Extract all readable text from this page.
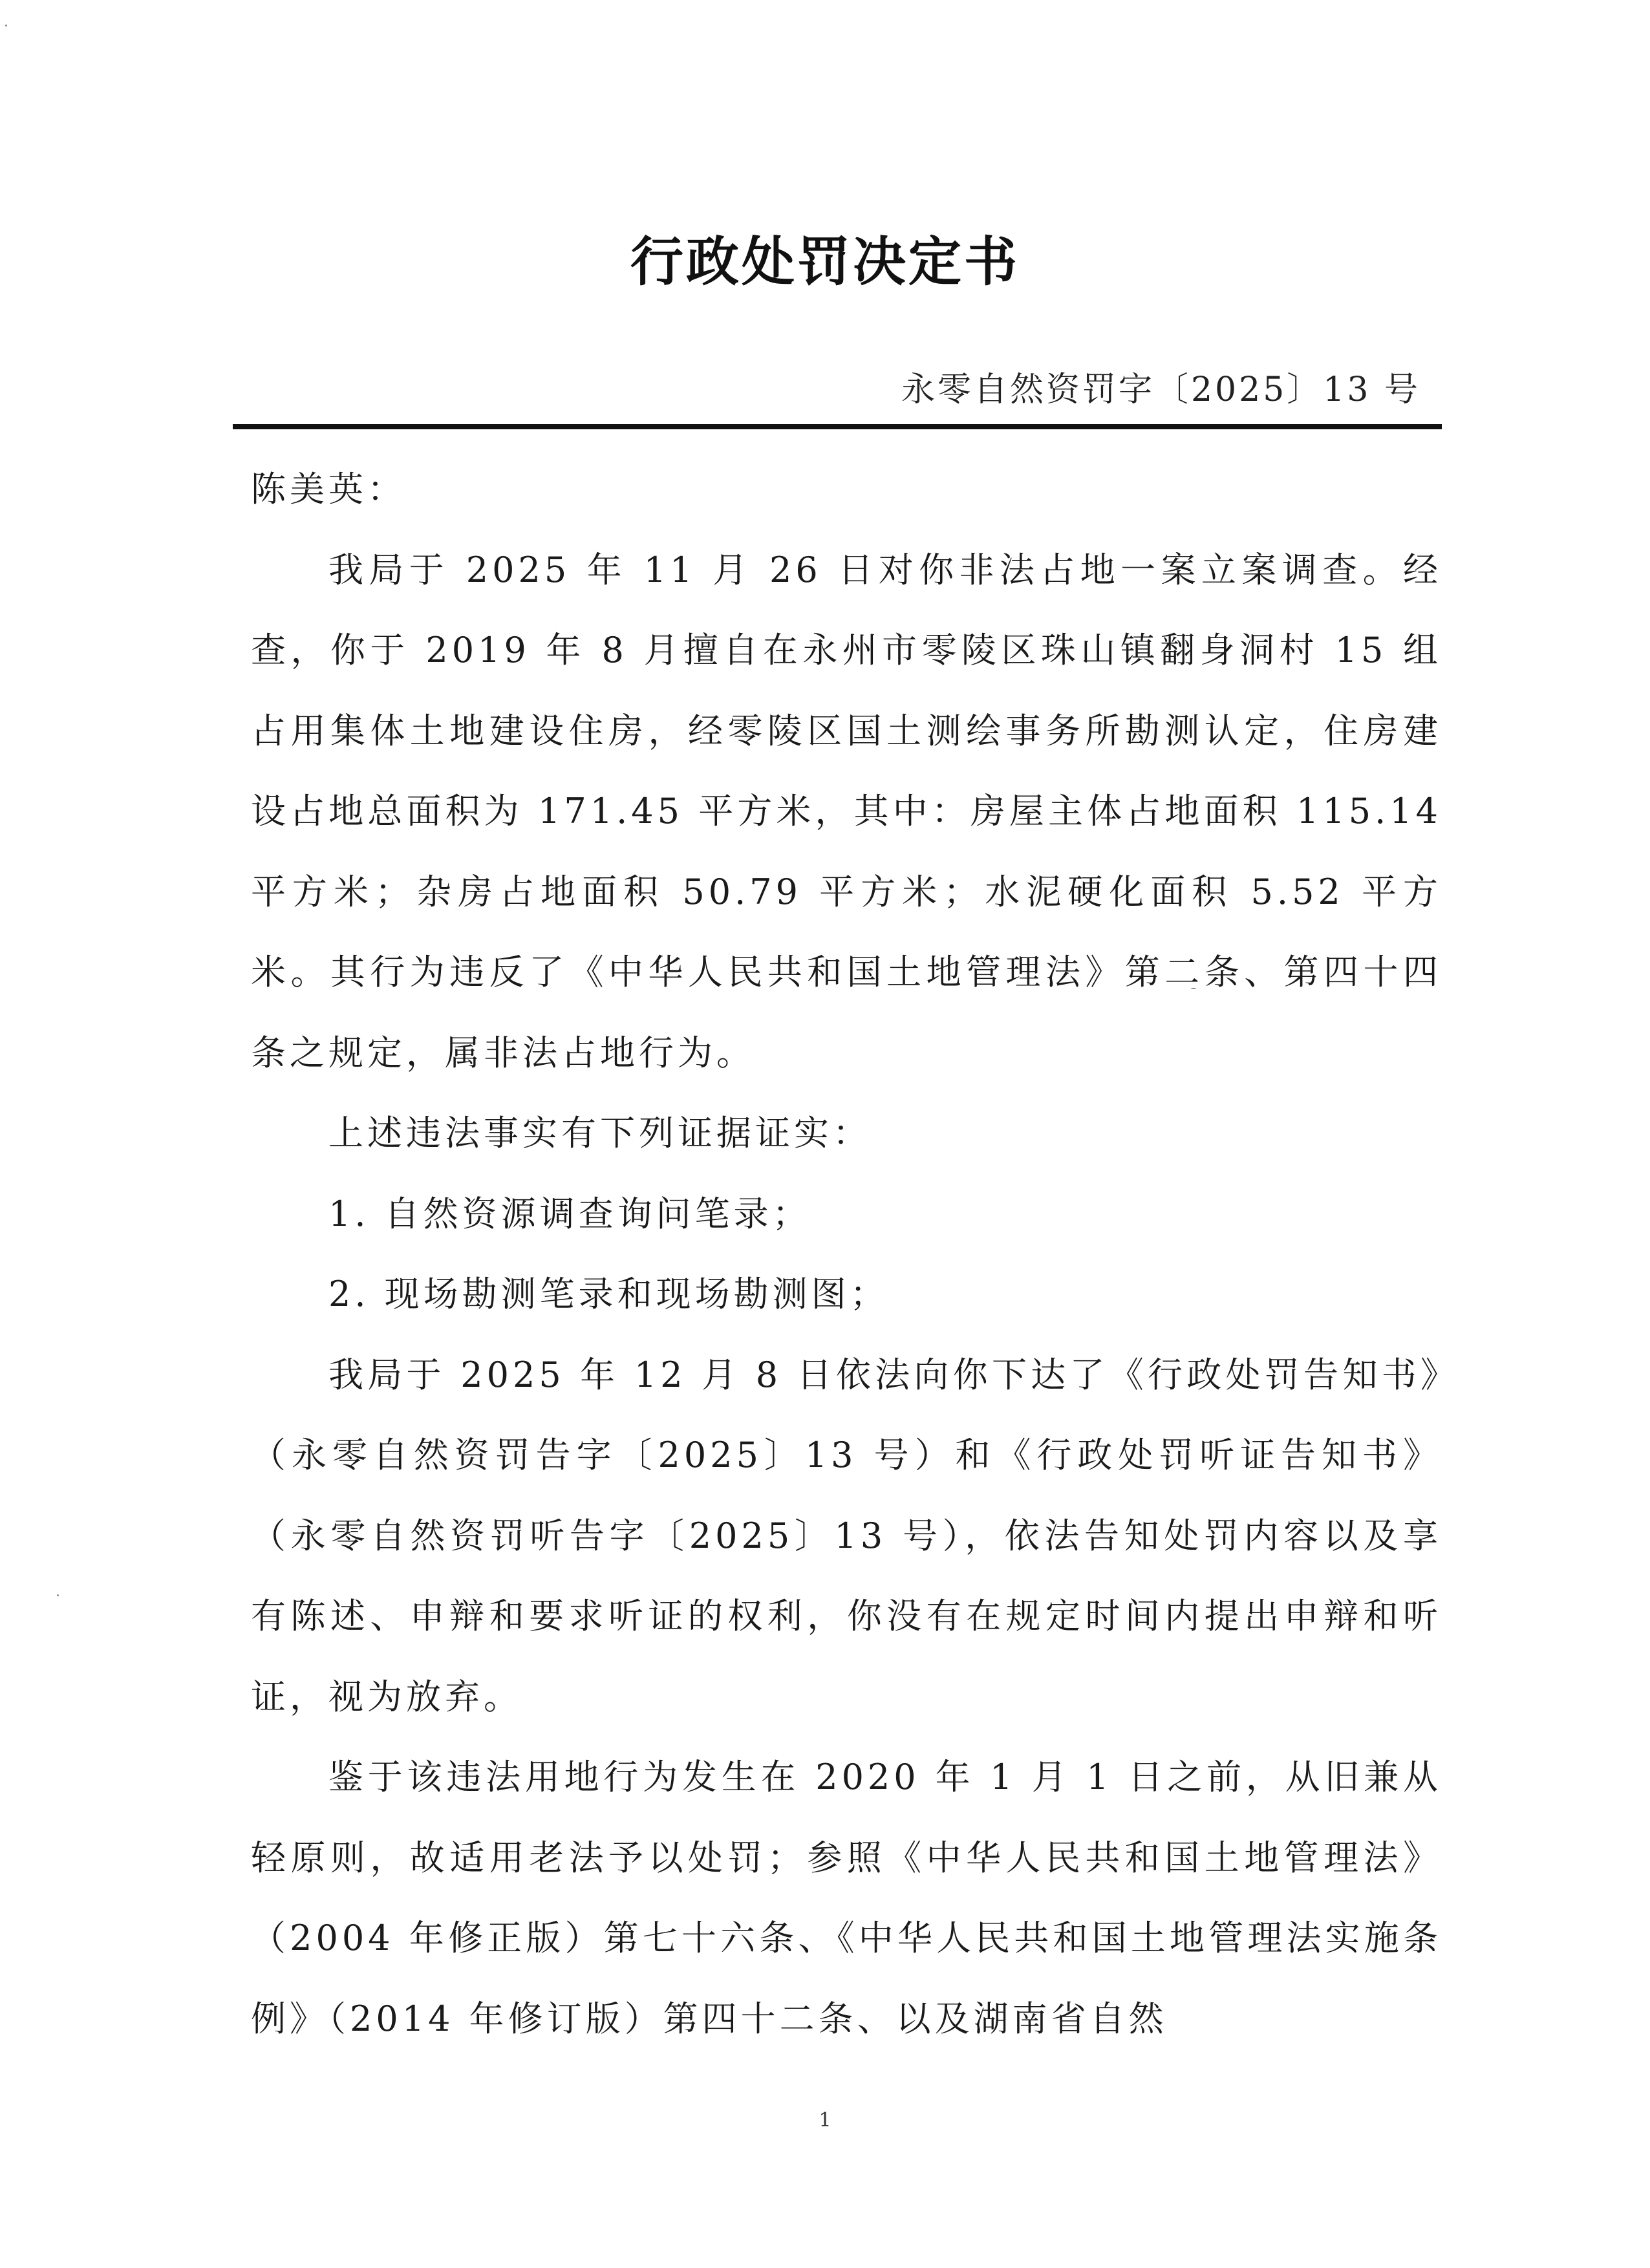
行政处罚决定书
永零自然资罚字〔2025〕13 号

陈美英：

我局于 2025 年 11 月 26 日对你非法占地一案立案调查。经查，你于 2019 年 8 月擅自在永州市零陵区珠山镇翻身洞村 15 组占用集体土地建设住房，经零陵区国土测绘事务所勘测认定，住房建设占地总面积为 171.45 平方米，其中：房屋主体占地面积 115.14 平方米；杂房占地面积 50.79 平方米；水泥硬化面积 5.52 平方米。其行为违反了《中华人民共和国土地管理法》第二条、第四十四条之规定，属非法占地行为。

上述违法事实有下列证据证实：

1. 自然资源调查询问笔录；

2. 现场勘测笔录和现场勘测图；

我局于 2025 年 12 月 8 日依法向你下达了《行政处罚告知书》（永零自然资罚告字〔2025〕13 号）和《行政处罚听证告知书》（永零自然资罚听告字〔2025〕13 号），依法告知处罚内容以及享有陈述、申辩和要求听证的权利，你没有在规定时间内提出申辩和听证，视为放弃。

鉴于该违法用地行为发生在 2020 年 1 月 1 日之前，从旧兼从轻原则，故适用老法予以处罚；参照《中华人民共和国土地管理法》（2004 年修正版）第七十六条、《中华人民共和国土地管理法实施条例》（2014 年修订版）第四十二条、以及湖南省自然

1
